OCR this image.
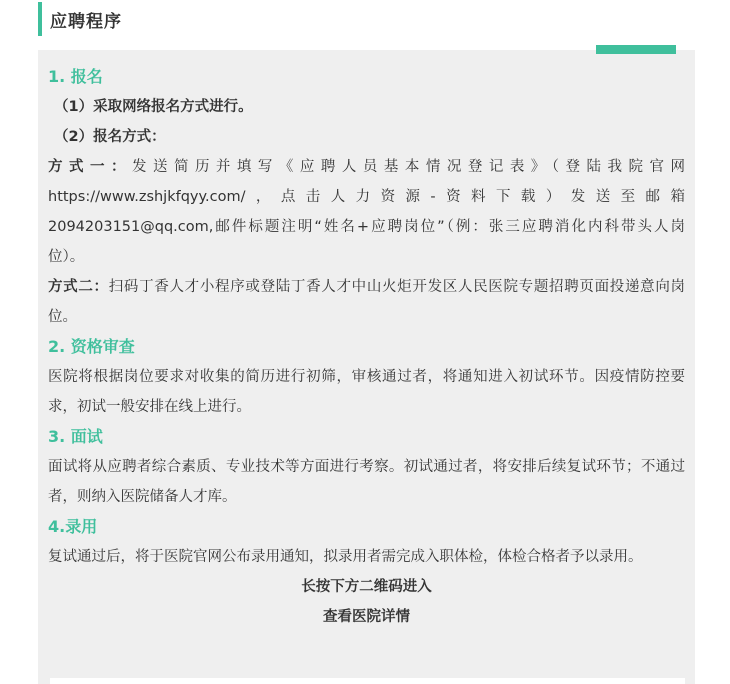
应聘程序
1. 报名
（1）采取网络报名方式进行。
（2）报名方式：
方式一：发送简历并填写《应聘人员基本情况登记表》（登陆我院官网
https://www.zshjkfqyy.com/，点击人力资源-资料下载）发送至邮箱
2094203151@qq.com,邮件标题注明“姓名+应聘岗位”（例：张三应聘消化内科带头人岗
位）。
方式二：扫码丁香人才小程序或登陆丁香人才中山火炬开发区人民医院专题招聘页面投递意向岗位。
2. 资格审查
医院将根据岗位要求对收集的简历进行初筛，审核通过者，将通知进入初试环节。因疫情防控要求，初试一般安排在线上进行。
3. 面试
面试将从应聘者综合素质、专业技术等方面进行考察。初试通过者，将安排后续复试环节；不通过者，则纳入医院储备人才库。
4.录用
复试通过后，将于医院官网公布录用通知，拟录用者需完成入职体检，体检合格者予以录用。
长按下方二维码进入
查看医院详情
